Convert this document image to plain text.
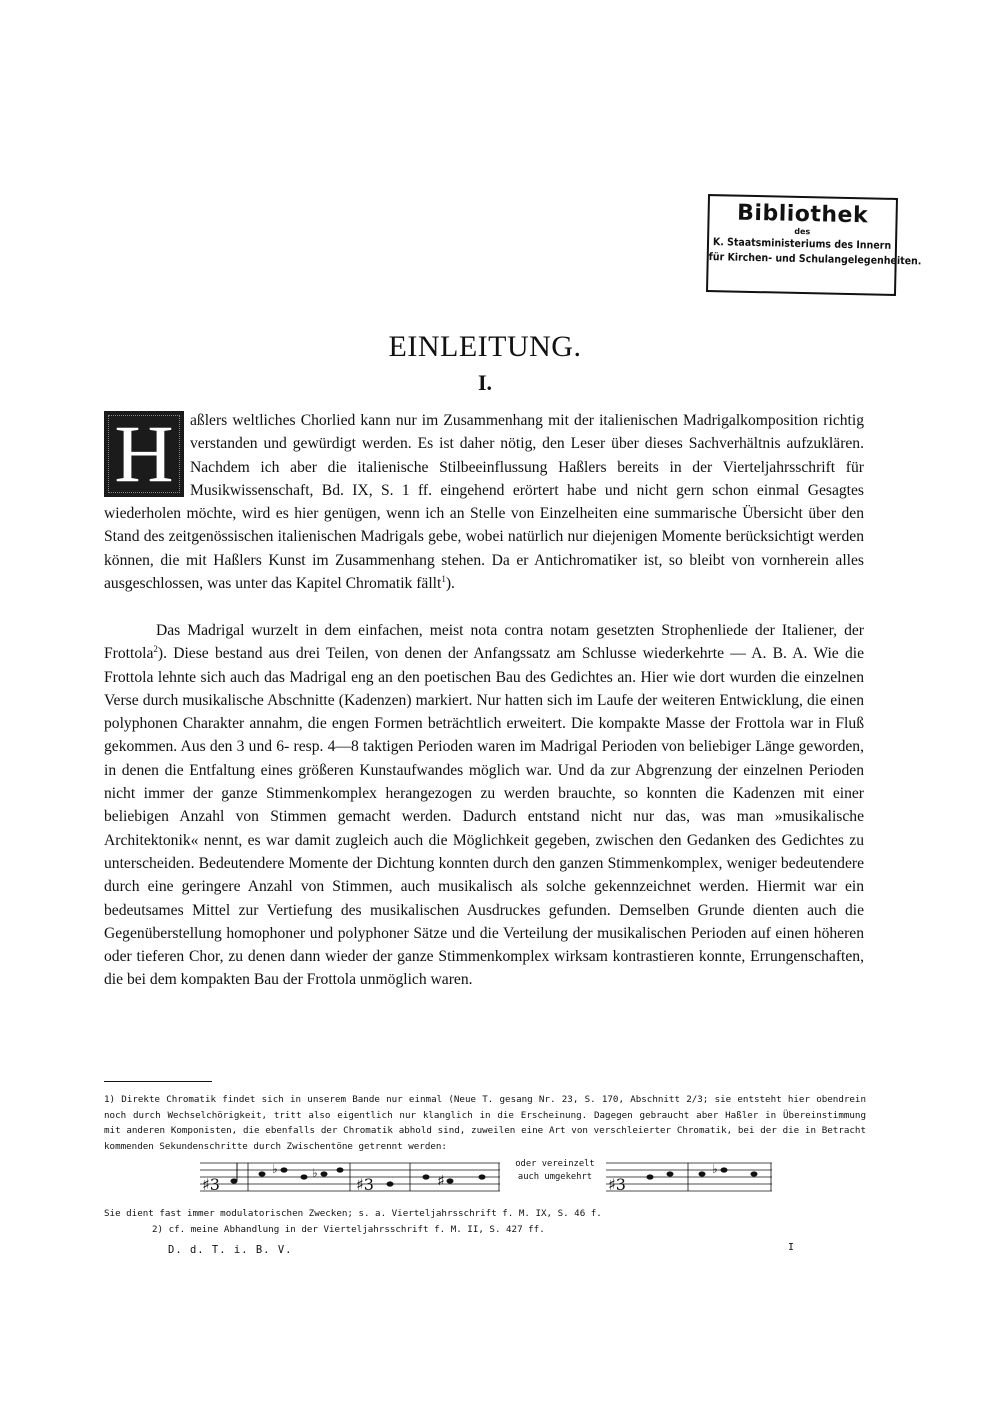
Bibliothek
des
K. Staatsministeriums des Innern
für Kirchen- und Schulangelegenheiten.
EINLEITUNG.
I.

H	aßlers weltliches Chorlied kann nur im Zusammenhang mit der italienischen Madrigalkomposition richtig verstanden und gewürdigt werden. Es ist daher nötig, den Leser über dieses Sachverhältnis aufzuklären. Nachdem ich aber die italienische Stilbeeinflussung Haßlers bereits in der Vierteljahrsschrift für Musikwissenschaft, Bd. IX, S. 1 ff. eingehend erörtert habe und nicht gern schon einmal Gesagtes wiederholen möchte, wird es hier genügen, wenn ich an Stelle von Einzelheiten eine summarische Übersicht über den Stand des zeitgenössischen italienischen Madrigals gebe, wobei natürlich nur diejenigen Momente berücksichtigt werden können, die mit Haßlers Kunst im Zusammenhang stehen. Da er Antichromatiker ist, so bleibt von vornherein alles ausgeschlossen, was unter das Kapitel Chromatik fällt$^1$).

Das Madrigal wurzelt in dem einfachen, meist nota contra notam gesetzten Strophenliede der Italiener, der Frottola$^2$). Diese bestand aus drei Teilen, von denen der Anfangssatz am Schlusse wiederkehrte — A. B. A. Wie die Frottola lehnte sich auch das Madrigal eng an den poetischen Bau des Gedichtes an. Hier wie dort wurden die einzelnen Verse durch musikalische Abschnitte (Kadenzen) markiert. Nur hatten sich im Laufe der weiteren Entwicklung, die einen polyphonen Charakter annahm, die engen Formen beträchtlich erweitert. Die kompakte Masse der Frottola war in Fluß gekommen. Aus den 3 und 6- resp. 4—8 taktigen Perioden waren im Madrigal Perioden von beliebiger Länge geworden, in denen die Entfaltung eines größeren Kunstaufwandes möglich war. Und da zur Abgrenzung der einzelnen Perioden nicht immer der ganze Stimmenkomplex herangezogen zu werden brauchte, so konnten die Kadenzen mit einer beliebigen Anzahl von Stimmen gemacht werden. Dadurch entstand nicht nur das, was man »musikalische Architektonik« nennt, es war damit zugleich auch die Möglichkeit gegeben, zwischen den Gedanken des Gedichtes zu unterscheiden. Bedeutendere Momente der Dichtung konnten durch den ganzen Stimmenkomplex, weniger bedeutendere durch eine geringere Anzahl von Stimmen, auch musikalisch als solche gekennzeichnet werden. Hiermit war ein bedeutsames Mittel zur Vertiefung des musikalischen Ausdruckes gefunden. Demselben Grunde dienten auch die Gegenüberstellung homophoner und polyphoner Sätze und die Verteilung der musikalischen Perioden auf einen höheren oder tieferen Chor, zu denen dann wieder der ganze Stimmenkomplex wirksam kontrastieren konnte, Errungenschaften, die bei dem kompakten Bau der Frottola unmöglich waren.

1) Direkte Chromatik findet sich in unserem Bande nur einmal (Neue T. gesang Nr. 23, S. 170, Abschnitt 2/3; sie entsteht hier obendrein noch durch Wechselchörigkeit, tritt also eigentlich nur klanglich in die Erscheinung. Dagegen gebraucht aber Haßler in Übereinstimmung mit anderen Komponisten, die ebenfalls der Chromatik abhold sind, zuweilen eine Art von verschleierter Chromatik, bei der die in Betracht kommenden Sekundenschritte durch Zwischentöne getrennt werden:

♯3
♭	♭
♯3	♯
oder vereinzelt
auch umgekehrt ♯3
♭

Sie dient fast immer modulatorischen Zwecken; s. a. Vierteljahrsschrift f. M. IX, S. 46 f.

2) cf. meine Abhandlung in der Vierteljahrsschrift f. M. II, S. 427 ff.

D. d. T. i. B. V.	I
